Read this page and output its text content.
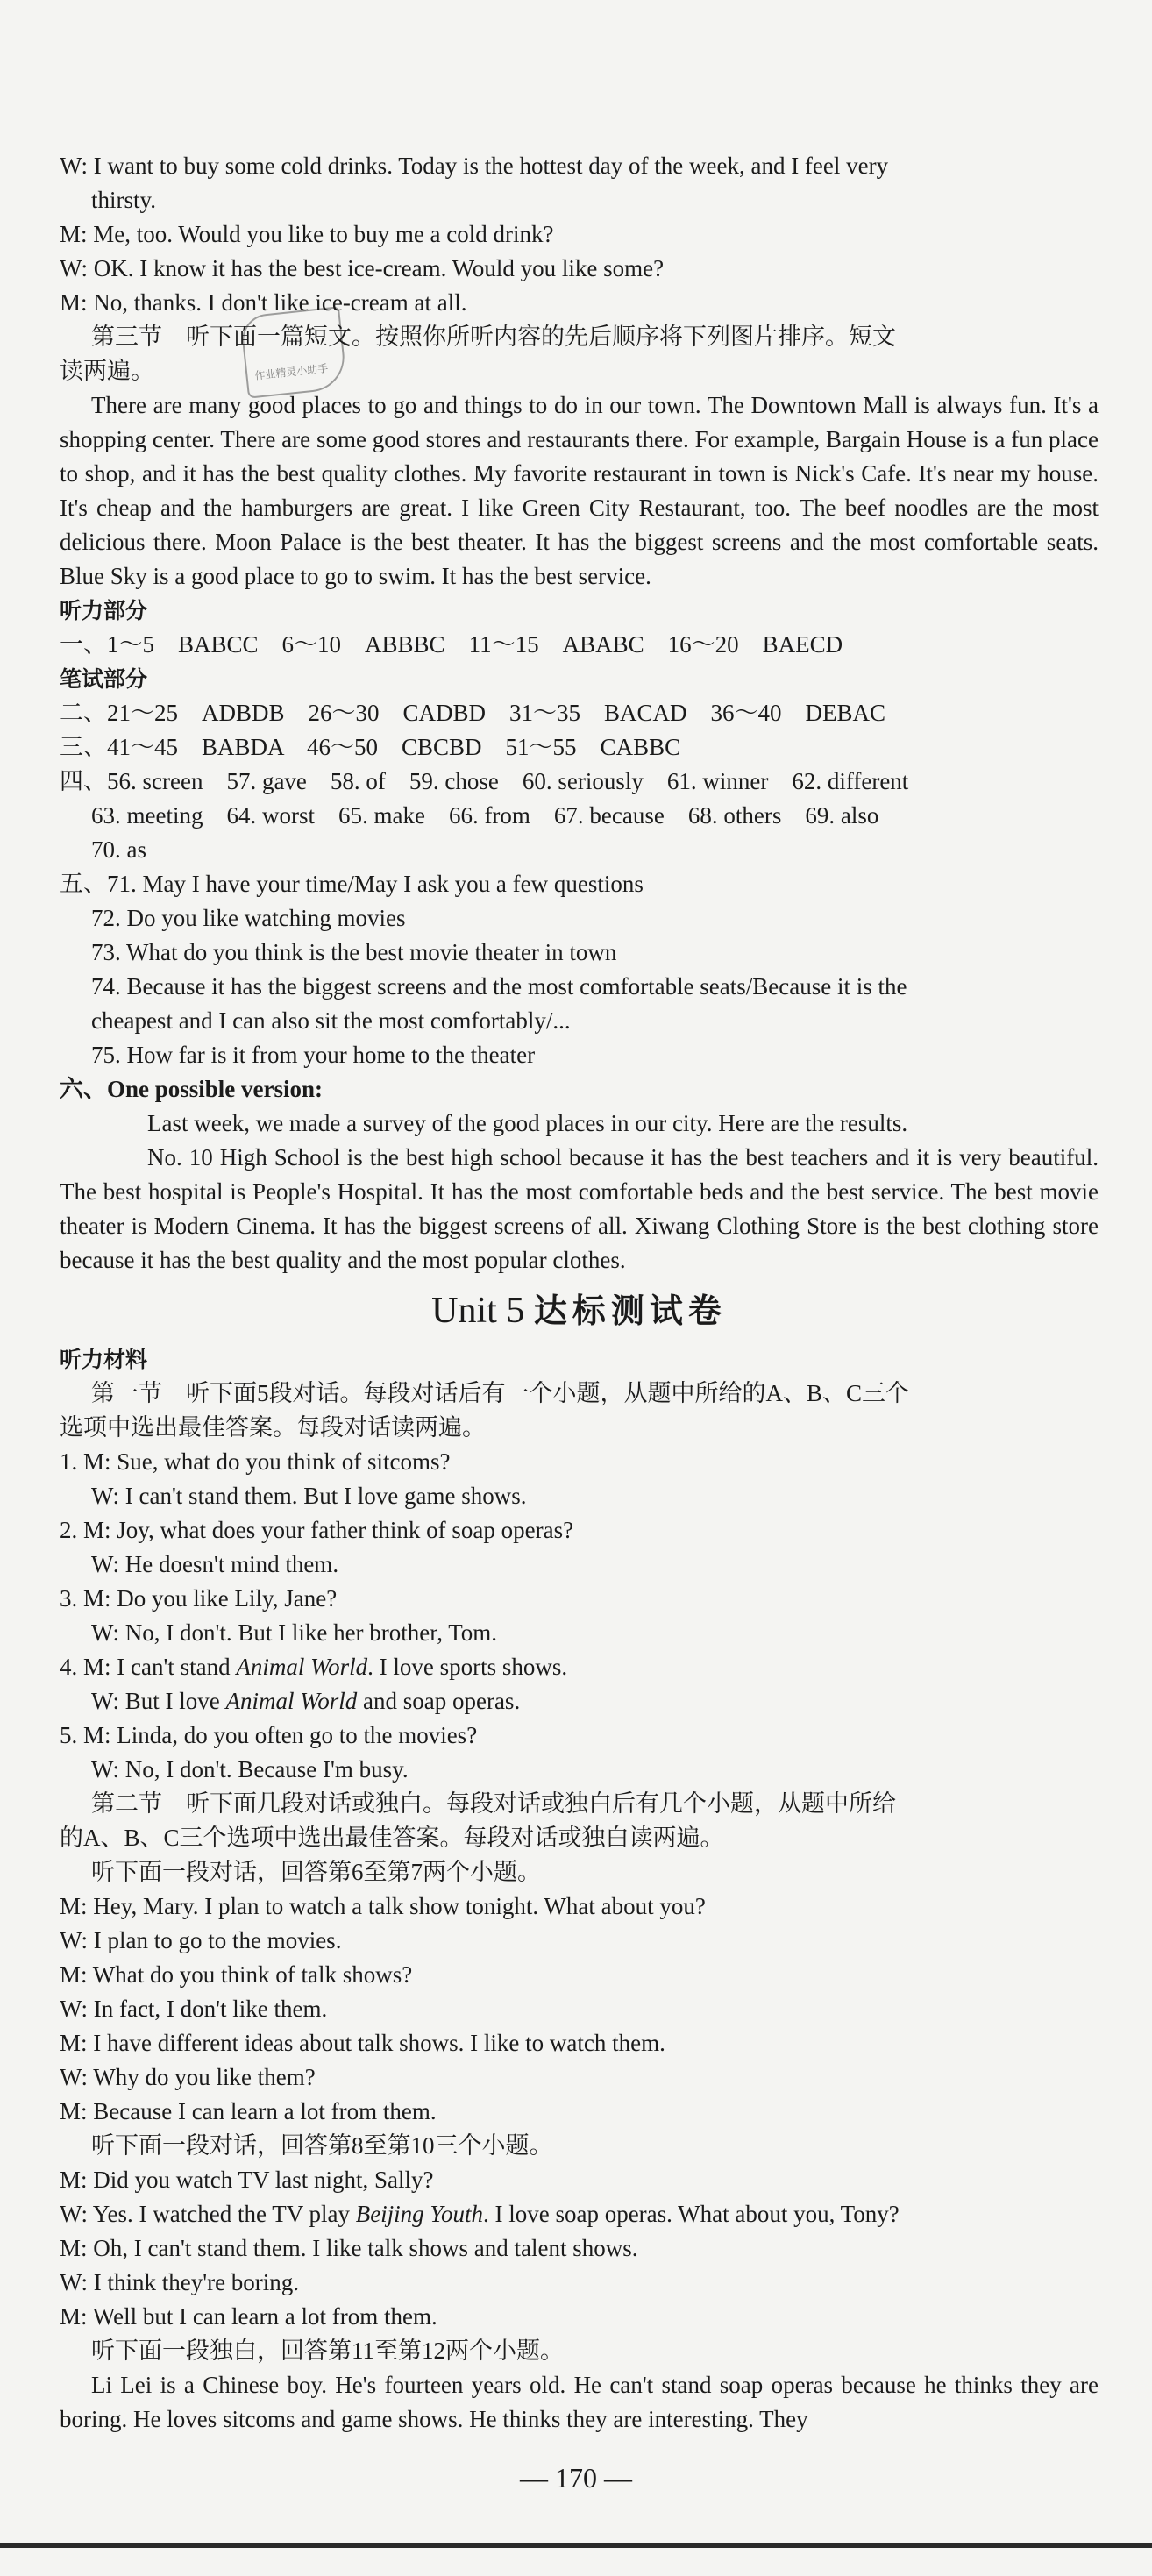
作业精灵小助手
W: I want to buy some cold drinks. Today is the hottest day of the week, and I feel very
thirsty.
M: Me, too. Would you like to buy me a cold drink?
W: OK. I know it has the best ice-cream. Would you like some?
M: No, thanks. I don't like ice-cream at all.
第三节　听下面一篇短文。按照你所听内容的先后顺序将下列图片排序。短文
读两遍。
There are many good places to go and things to do in our town. The Downtown Mall is always fun. It's a shopping center. There are some good stores and restaurants there. For example, Bargain House is a fun place to shop, and it has the best quality clothes. My favorite restaurant in town is Nick's Cafe. It's near my house. It's cheap and the hamburgers are great. I like Green City Restaurant, too. The beef noodles are the most delicious there. Moon Palace is the best theater. It has the biggest screens and the most comfortable seats. Blue Sky is a good place to go to swim. It has the best service.
听力部分
一、1～5　BABCC　6～10　ABBBC　11～15　ABABC　16～20　BAECD
笔试部分
二、21～25　ADBDB　26～30　CADBD　31～35　BACAD　36～40　DEBAC
三、41～45　BABDA　46～50　CBCBD　51～55　CABBC
四、56. screen　57. gave　58. of　59. chose　60. seriously　61. winner　62. different
63. meeting　64. worst　65. make　66. from　67. because　68. others　69. also
70. as
五、71. May I have your time/May I ask you a few questions
72. Do you like watching movies
73. What do you think is the best movie theater in town
74. Because it has the biggest screens and the most comfortable seats/Because it is the
cheapest and I can also sit the most comfortably/...
75. How far is it from your home to the theater
六、One possible version:
Last week, we made a survey of the good places in our city. Here are the results.
No. 10 High School is the best high school because it has the best teachers and it is very beautiful. The best hospital is People's Hospital. It has the most comfortable beds and the best service. The best movie theater is Modern Cinema. It has the biggest screens of all. Xiwang Clothing Store is the best clothing store because it has the best quality and the most popular clothes.
Unit 5 达标测试卷
听力材料
第一节　听下面5段对话。每段对话后有一个小题，从题中所给的A、B、C三个
选项中选出最佳答案。每段对话读两遍。
1. M: Sue, what do you think of sitcoms?
W: I can't stand them. But I love game shows.
2. M: Joy, what does your father think of soap operas?
W: He doesn't mind them.
3. M: Do you like Lily, Jane?
W: No, I don't. But I like her brother, Tom.
4. M: I can't stand Animal World. I love sports shows.
W: But I love Animal World and soap operas.
5. M: Linda, do you often go to the movies?
W: No, I don't. Because I'm busy.
第二节　听下面几段对话或独白。每段对话或独白后有几个小题，从题中所给
的A、B、C三个选项中选出最佳答案。每段对话或独白读两遍。
听下面一段对话，回答第6至第7两个小题。
M: Hey, Mary. I plan to watch a talk show tonight. What about you?
W: I plan to go to the movies.
M: What do you think of talk shows?
W: In fact, I don't like them.
M: I have different ideas about talk shows. I like to watch them.
W: Why do you like them?
M: Because I can learn a lot from them.
听下面一段对话，回答第8至第10三个小题。
M: Did you watch TV last night, Sally?
W: Yes. I watched the TV play Beijing Youth. I love soap operas. What about you, Tony?
M: Oh, I can't stand them. I like talk shows and talent shows.
W: I think they're boring.
M: Well but I can learn a lot from them.
听下面一段独白，回答第11至第12两个小题。
Li Lei is a Chinese boy. He's fourteen years old. He can't stand soap operas because he thinks they are boring. He loves sitcoms and game shows. He thinks they are interesting. They
— 170 —
